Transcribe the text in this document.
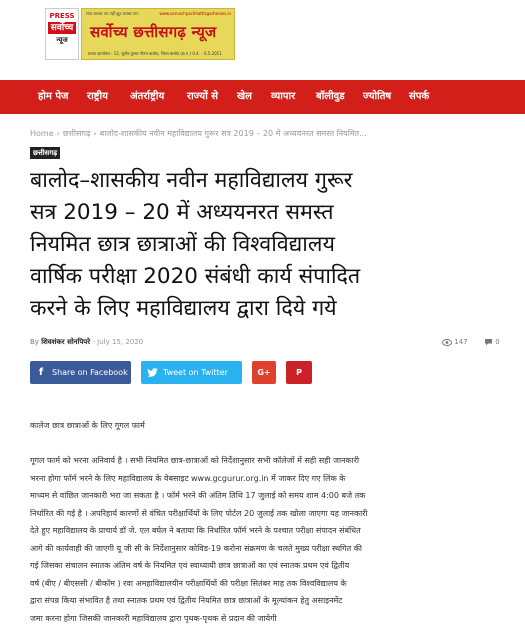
PRESS
सर्वोच्च
न्यूज
सांच बराबर तप नहीं झूठ बराबर पाप	www.sarvochyachhattisgarhnews.in
सर्वोच्य छत्तीसगढ़ न्यूज
प्रधान कार्यालय - 12, सुधीर कुमार गौतम बालोद, जिला बालोद (छ.ग.) 0.4. - 0.5.2011
होम पेज राष्ट्रीय अंतर्राष्ट्रीय राज्यों से खेल व्यापार बॉलीवुड ज्योतिष संपर्क
Home › छत्तीसगढ़ › बालोद-शासकीय नवीन महाविद्यालय गुरूर सत्र 2019 – 20 में अध्ययनरत समस्त नियमित...
छत्तीसगढ़
बालोद–शासकीय नवीन महाविद्यालय गुरूर
सत्र 2019 – 20 में अध्ययनरत समस्त
नियमित छात्र छात्राओं की विश्वविद्यालय
वार्षिक परीक्षा 2020 संबंधी कार्य संपादित
करने के लिए महाविद्यालय द्वारा दिये गये
By शिवशंकर सोनपिपरे - July 15, 2020	147	0
f Share on Facebook	Tweet on Twitter	G+	P
कालेज छात्र छात्राओं के लिए गूगल फार्म
गूगल फार्म को भरना अनिवार्य है । सभी नियमित छात्र-छात्राओं को निर्देशानुसार सभी कॉलेजों में सही सही जानकारी
भरना होगा फॉर्म भरने के लिए महाविद्यालय के वेबसाइट www.gcgurur.org.in में जाकर दिए गए लिंक के
माध्यम से वांछित जानकारी भरा जा सकता है । फॉर्म भरने की अंतिम तिथि 17 जुलाई को समय शाम 4:00 बजे तक
निर्धारित की गई है । अपरिहार्य कारणों से वंचित परीक्षार्थियों के लिए पोर्टल 20 जुलाई तक खोला जाएगा यह जानकारी
देते हुए महाविद्यालय के प्राचार्य डॉ जे. एल बघेल ने बताया कि निर्धारित फॉर्म भरने के पश्चात परीक्षा संपादन संबंधित
आगे की कार्यवाही की जाएगी यू जी सी के निर्देशानुसार कोविड-19 करोना संक्रमण के चलते मुख्य परीक्षा स्थगित की
गई जिसका संचालन स्नातक अंतिम वर्ष के नियमित एवं स्वाध्यायी छात्र छात्राओं का एवं स्नातक प्रथम एवं द्वितीय
वर्ष (बीए / बीएससी / बीकॉम ) रवा अमहाविद्यालयीन परीक्षार्थियों की परीक्षा सितंबर माह तक विश्वविद्यालय के
द्वारा संपन्न किया संभावित है तथा स्नातक प्रथम एवं द्वितीय नियमित छात्र छात्राओं के मूल्यांकन हेतु असाइनमेंट
जमा करना होगा जिसकी जानकारी महाविद्यालय द्वारा पृथक-पृथक से प्रदान की जायेगी
